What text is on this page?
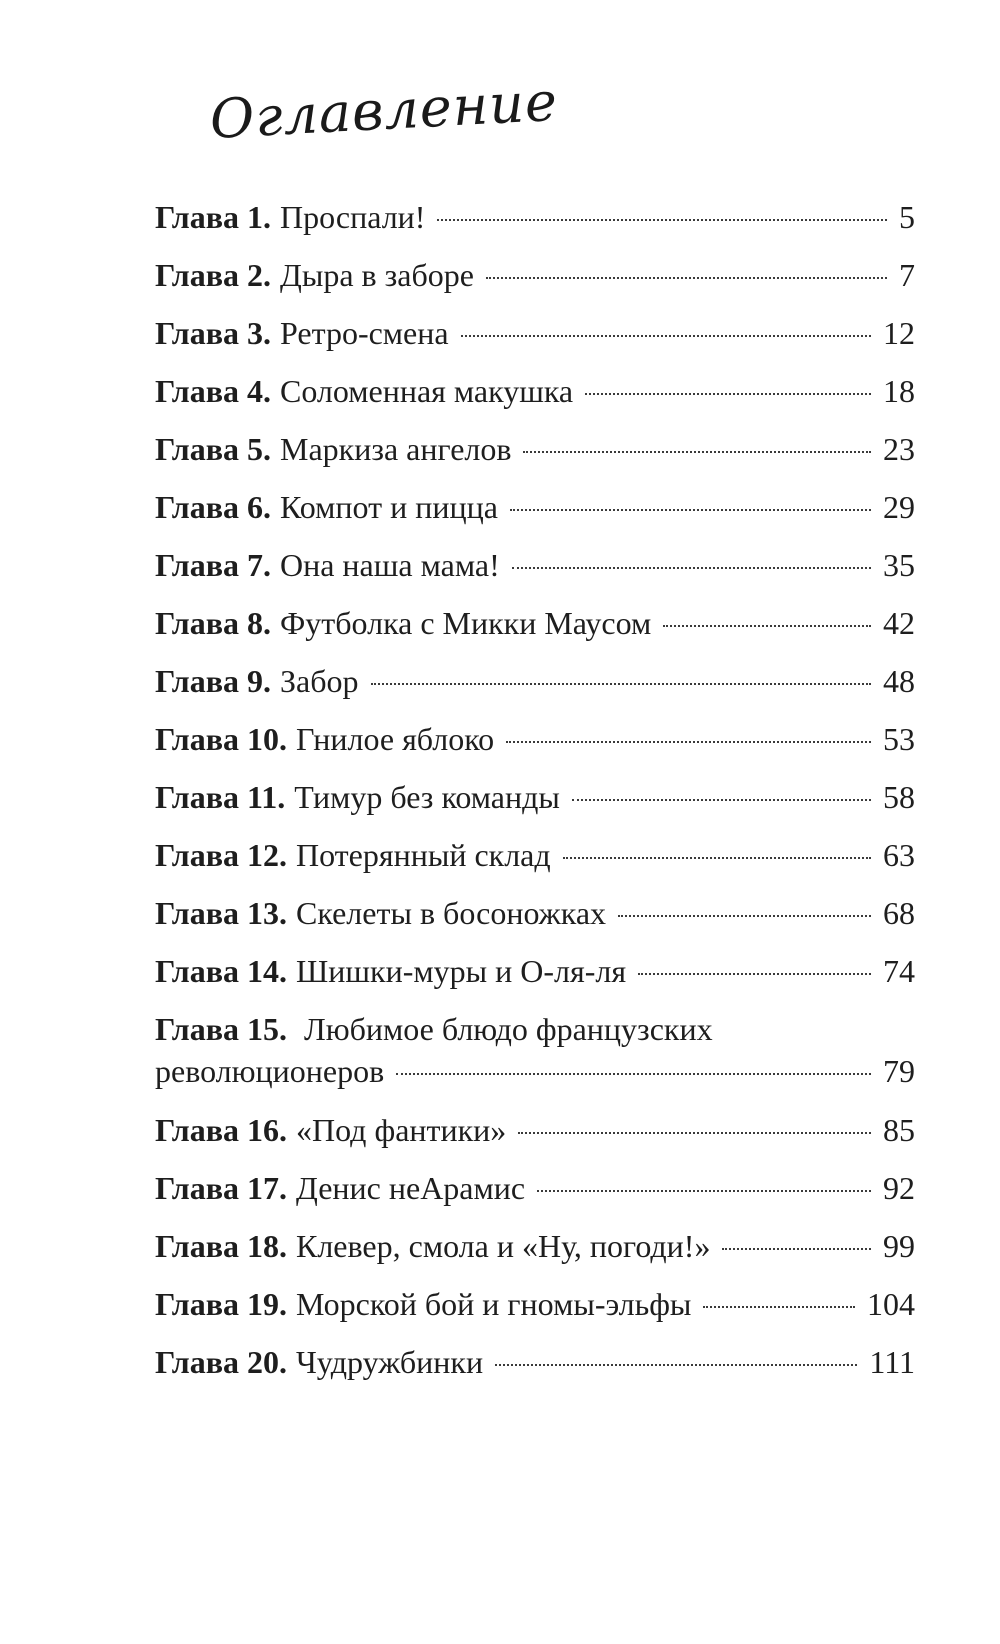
Оглавление
Глава 1. Проспали!	5
Глава 2. Дыра в заборе	7
Глава 3. Ретро-смена	12
Глава 4. Соломенная макушка	18
Глава 5. Маркиза ангелов	23
Глава 6. Компот и пицца	29
Глава 7. Она наша мама!	35
Глава 8. Футболка с Микки Маусом	42
Глава 9. Забор	48
Глава 10. Гнилое яблоко	53
Глава 11. Тимур без команды	58
Глава 12. Потерянный склад	63
Глава 13. Скелеты в босоножках	68
Глава 14. Шишки-муры и О-ля-ля	74
Глава 15. Любимое блюдо французских
революционеров	79
Глава 16. «Под фантики»	85
Глава 17. Денис неАрамис	92
Глава 18. Клевер, смола и «Ну, погоди!»	99
Глава 19. Морской бой и гномы-эльфы	104
Глава 20. Чудружбинки	111
